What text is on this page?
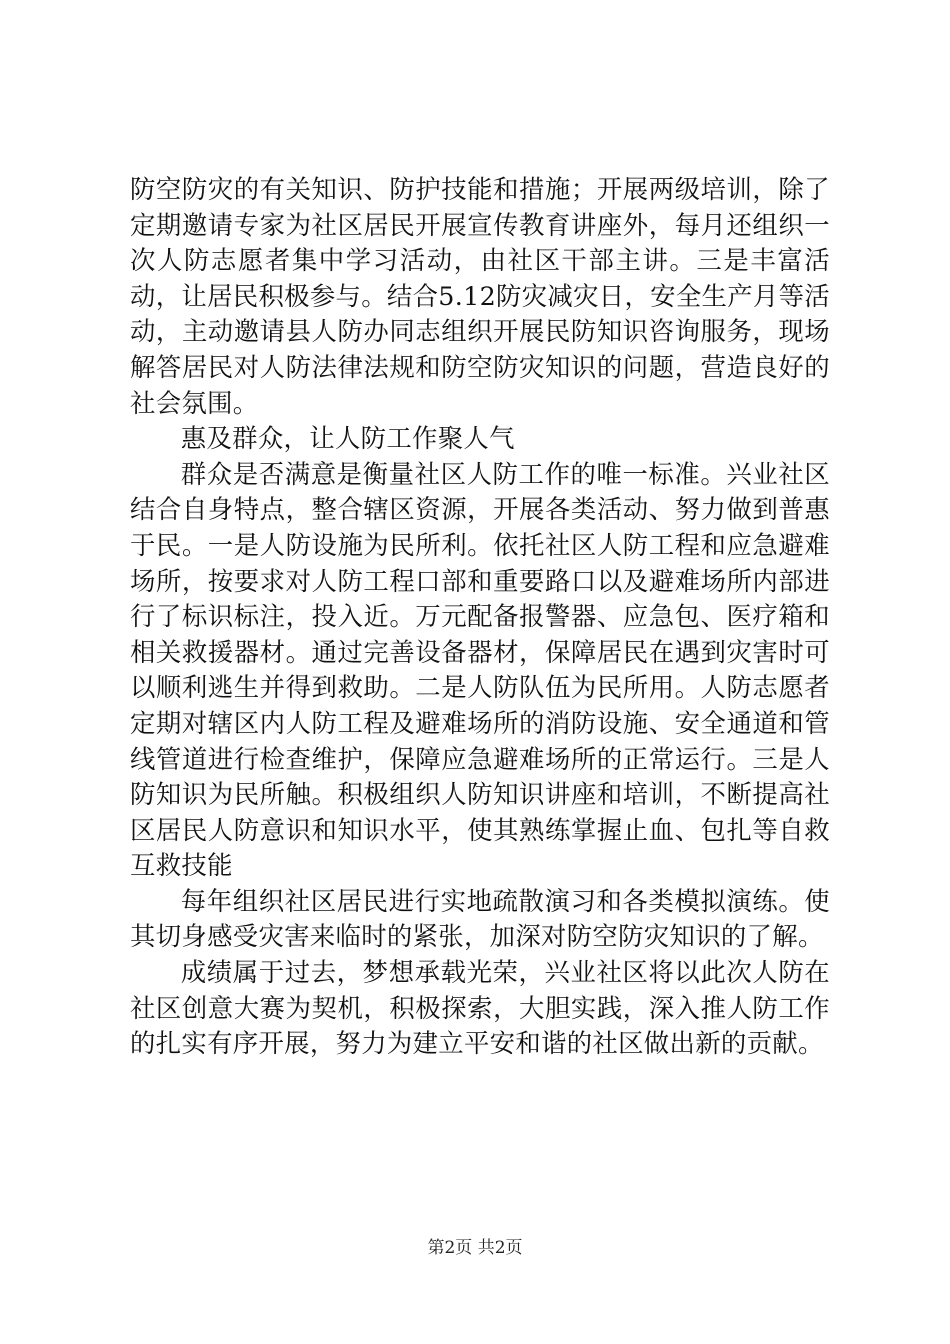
防空防灾的有关知识、防护技能和措施；开展两级培训，除了定期邀请专家为社区居民开展宣传教育讲座外，每月还组织一次人防志愿者集中学习活动，由社区干部主讲。三是丰富活动，让居民积极参与。结合5.12防灾减灾日，安全生产月等活动，主动邀请县人防办同志组织开展民防知识咨询服务，现场解答居民对人防法律法规和防空防灾知识的问题，营造良好的社会氛围。

惠及群众，让人防工作聚人气

群众是否满意是衡量社区人防工作的唯一标准。兴业社区结合自身特点，整合辖区资源，开展各类活动、努力做到普惠于民。一是人防设施为民所利。依托社区人防工程和应急避难场所，按要求对人防工程口部和重要路口以及避难场所内部进行了标识标注，投入近。万元配备报警器、应急包、医疗箱和相关救援器材。通过完善设备器材，保障居民在遇到灾害时可以顺利逃生并得到救助。二是人防队伍为民所用。人防志愿者定期对辖区内人防工程及避难场所的消防设施、安全通道和管线管道进行检查维护，保障应急避难场所的正常运行。三是人防知识为民所触。积极组织人防知识讲座和培训，不断提高社区居民人防意识和知识水平，使其熟练掌握止血、包扎等自救互救技能

每年组织社区居民进行实地疏散演习和各类模拟演练。使其切身感受灾害来临时的紧张，加深对防空防灾知识的了解。

成绩属于过去，梦想承载光荣，兴业社区将以此次人防在社区创意大赛为契机，积极探索，大胆实践，深入推人防工作的扎实有序开展，努力为建立平安和谐的社区做出新的贡献。

第2页 共2页
